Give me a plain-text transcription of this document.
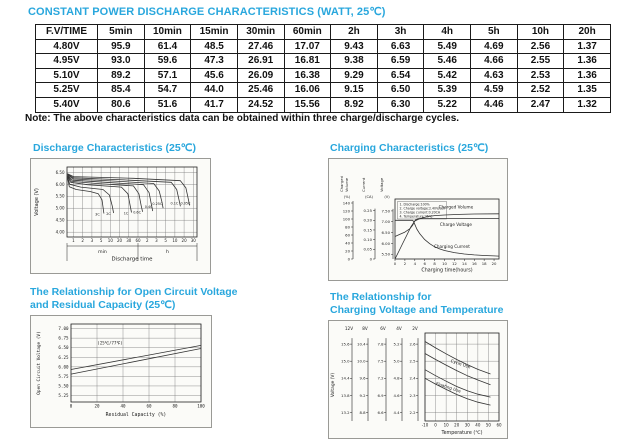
CONSTANT POWER DISCHARGE CHARACTERISTICS (WATT, 25℃)
F.V/TIME	5min	10min	15min	30min	60min	2h	3h	4h	5h	10h	20h
4.80V	95.9	61.4	48.5	27.46	17.07	9.43	6.63	5.49	4.69	2.56	1.37
4.95V	93.0	59.6	47.3	26.91	16.81	9.38	6.59	5.46	4.66	2.55	1.36
5.10V	89.2	57.1	45.6	26.09	16.38	9.29	6.54	5.42	4.63	2.53	1.36
5.25V	85.4	54.7	44.0	25.46	16.06	9.15	6.50	5.39	4.59	2.52	1.35
5.40V	80.6	51.6	41.7	24.52	15.56	8.92	6.30	5.22	4.46	2.47	1.32
Note: The above characteristics data can be obtained within three charge/discharge cycles.
Discharge Characteristics (25℃)	Charging Characteristics (25℃)
The Relationship for Open Circuit Voltage
and Residual Capacity (25℃)
The Relationship for
Charging Voltage and Temperature
1 2 3 5 10 20 30 60 2 3 5 10 20 30
6.50
6.00
5.50
5.00
4.50
4.00
3C 2C	1C 0.6C
0.4C
0.25C 0.1C 0.05C
min	h
Discharge time
Voltage (V)
Charged Volume
(%)
0
20
40
60
80
100
120
140
Current
(CA)
0
0.05
0.10
0.15
0.20
0.25
Voltage
(V)
5.50
6.00
6.50
7.00
7.50
1. Discharge:100%
2. Charge voltage:2.40V/cell
3. Charge current:0.20CA
4. Temperature:25℃
Charged Volume
Charge Voltage
Charging Current
0 2 4 6 8 10 12 14 16 18 20
Charging time(hours)
0	20	40	60	80	100
7.00
6.75
6.50
6.25
6.00
5.75
5.50
5.25
(25℃/77℉)
Residual Capacity (%)
Open Circuit Voltage (V)
-10 0 10 20 30 40 50 60
12V
15.6
15.0
14.4
13.8
13.2
8V
10.4
10.0
9.6
9.2
8.8
6V
7.8
7.5
7.2
6.9
6.6
4V
5.2
5.0
4.8
4.6
4.4
2V
2.6
2.5
2.4
2.3
2.2
Cycle Use
Floating Use
Temperature (℃)
Voltage (V)
